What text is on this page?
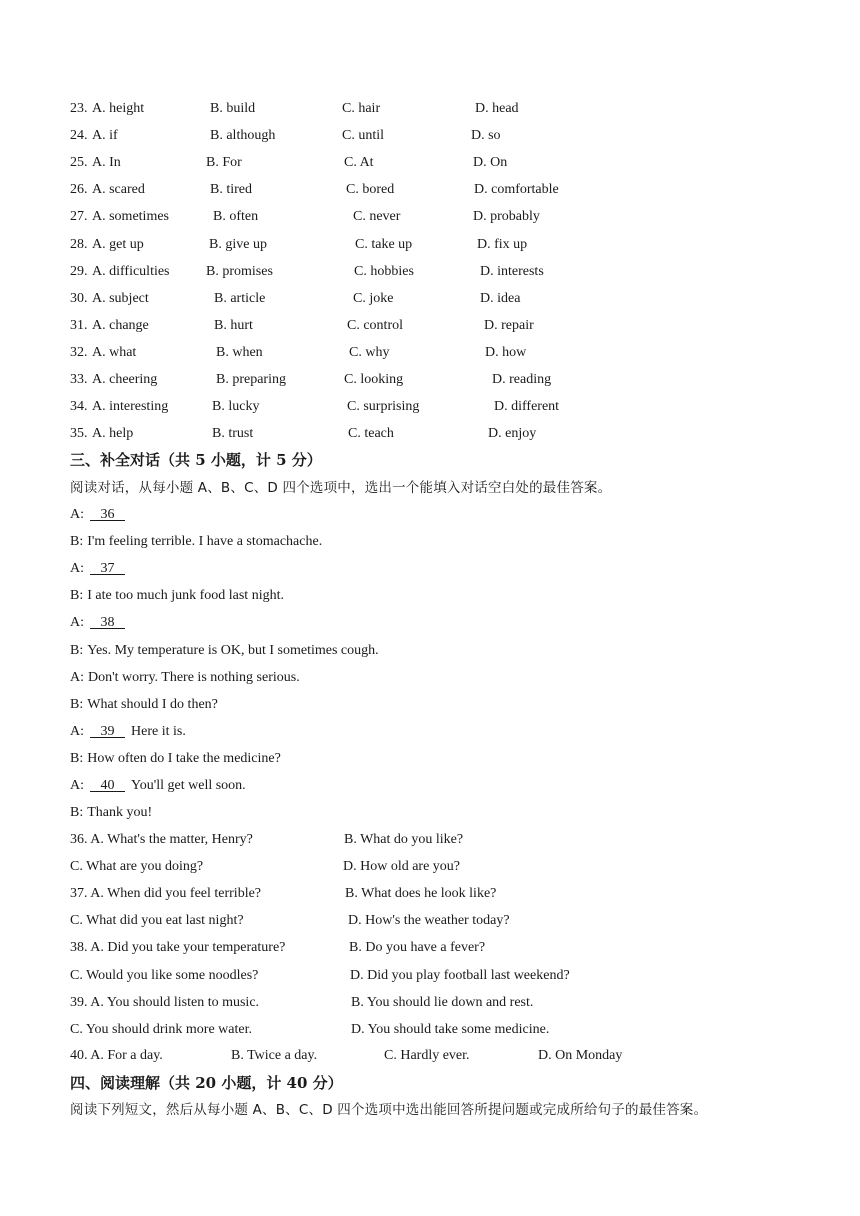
23. A. height	B. build	C. hair	D. head
24. A. if	B. although	C. until	D. so
25. A. In	B. For	C. At	D. On
26. A. scared	B. tired	C. bored	D. comfortable
27. A. sometimes	B. often	C. never	D. probably
28. A. get up	B. give up	C. take up	D. fix up
29. A. difficulties	B. promises	C. hobbies	D. interests
30. A. subject	B. article	C. joke	D. idea
31. A. change	B. hurt	C. control	D. repair
32. A. what	B. when	C. why	D. how
33. A. cheering	B. preparing	C. looking	D. reading
34. A. interesting	B. lucky	C. surprising	D. different
35. A. help	B. trust	C. teach	D. enjoy
三、补全对话（共 5 小题，计 5 分）
阅读对话，从每小题 A、B、C、D 四个选项中，选出一个能填入对话空白处的最佳答案。
A: 36
B: I'm feeling terrible. I have a stomachache.
A: 37
B: I ate too much junk food last night.
A: 38
B: Yes. My temperature is OK, but I sometimes cough.
A: Don't worry. There is nothing serious.
B: What should I do then?
A: 39 Here it is.
B: How often do I take the medicine?
A: 40 You'll get well soon.
B: Thank you!
36. A. What's the matter, Henry?	B. What do you like?
C. What are you doing?	D. How old are you?
37. A. When did you feel terrible?	B. What does he look like?
C. What did you eat last night?	D. How's the weather today?
38. A. Did you take your temperature?	B. Do you have a fever?
C. Would you like some noodles?	D. Did you play football last weekend?
39. A. You should listen to music.	B. You should lie down and rest.
C. You should drink more water.	D. You should take some medicine.
40. A. For a day.	B. Twice a day.	C. Hardly ever.	D. On Monday
四、阅读理解（共 20 小题，计 40 分）
阅读下列短文，然后从每小题 A、B、C、D 四个选项中选出能回答所提问题或完成所给句子的最佳答案。
